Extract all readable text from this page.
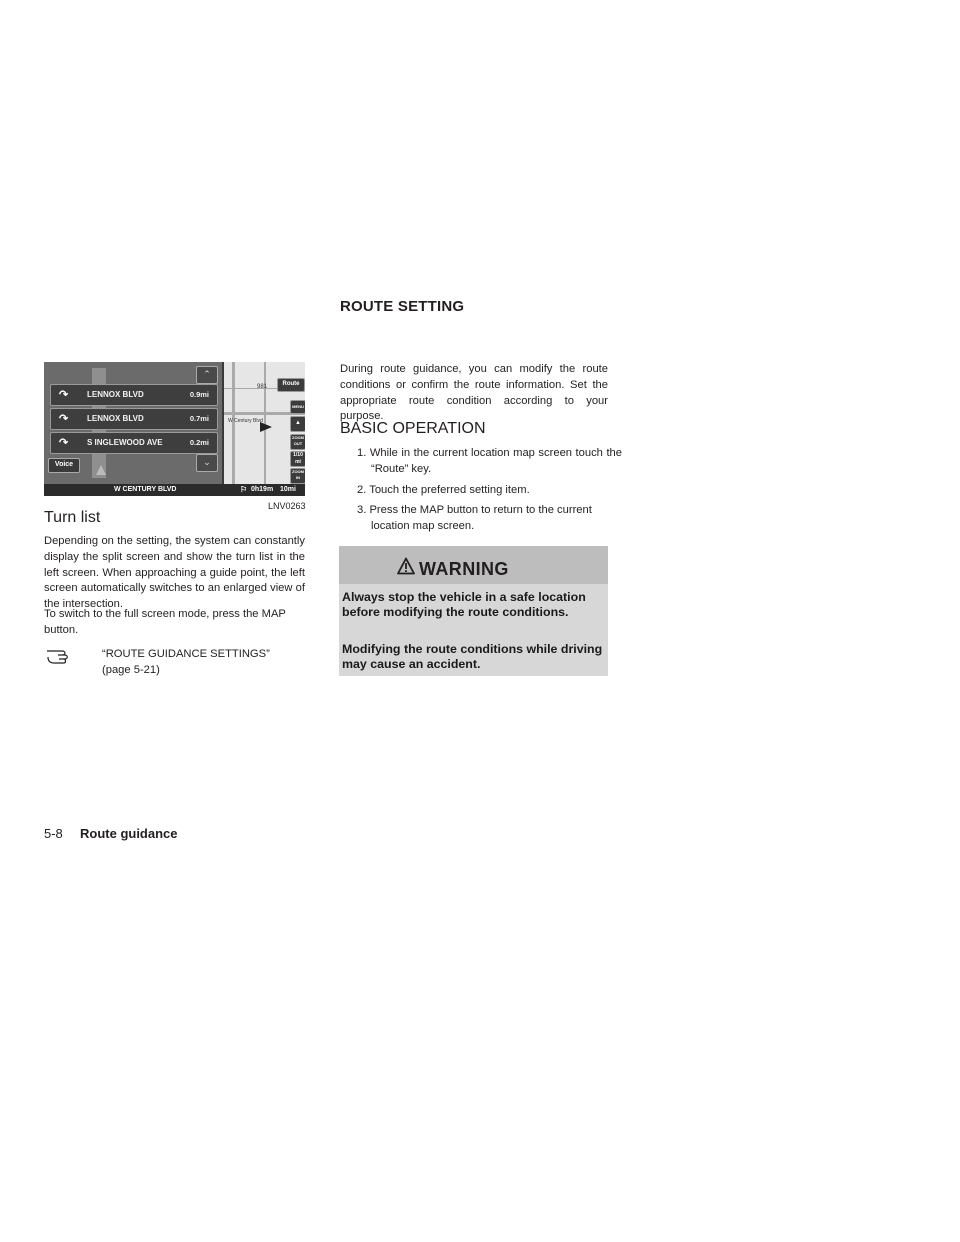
ROUTE SETTING
⌃
↷ LENNOX BLVD	0.9mi
↷ LENNOX BLVD	0.7mi
↷ S INGLEWOOD AVE	0.2mi
Voice	⌄
981
W Century Blvd
Route
MENU
▲
ZOOM OUT
1/10
mi
ZOOM IN
W CENTURY BLVD	⚐ 0h19m 10mi
LNV0263
Turn list
Depending on the setting, the system can constantly display the split screen and show the turn list in the left screen. When approaching a guide point, the left screen automatically switches to an enlarged view of the intersection.
To switch to the full screen mode, press the MAP button.
“ROUTE GUIDANCE SETTINGS”
(page 5-21)
During route guidance, you can modify the route conditions or confirm the route information. Set the appropriate route condition according to your purpose.
BASIC OPERATION
1. While in the current location map screen touch the “Route” key.
2. Touch the preferred setting item.
3. Press the MAP button to return to the current location map screen.
WARNING
Always stop the vehicle in a safe location before modifying the route conditions.
Modifying the route conditions while driving may cause an accident.
5-8 Route guidance
